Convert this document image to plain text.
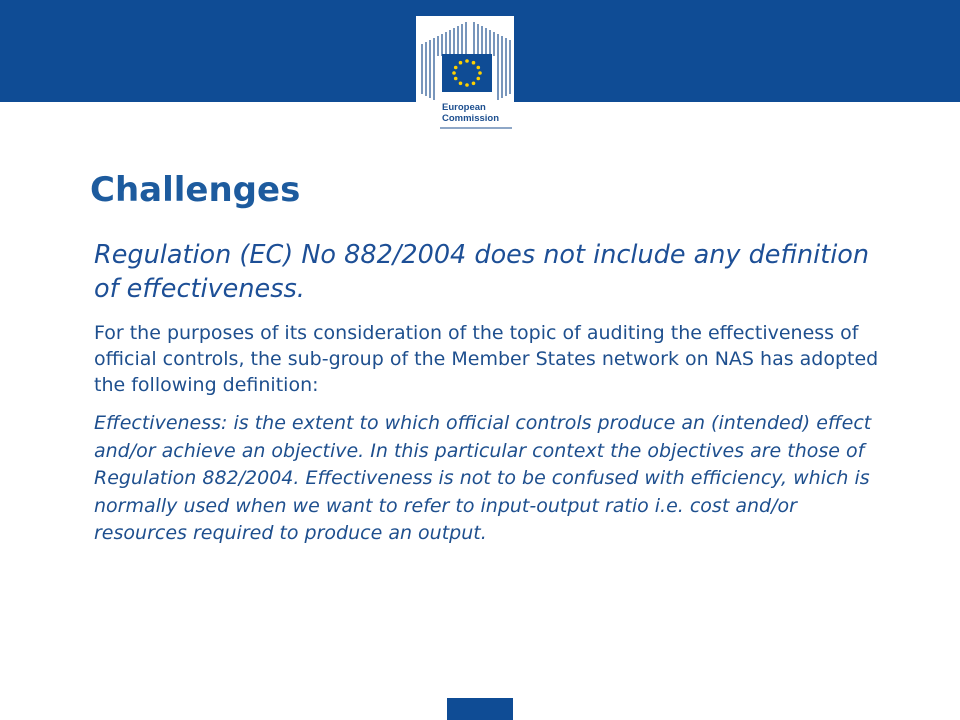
European
Commission
Challenges

Regulation (EC) No 882/2004 does not include any definition of effectiveness.

For the purposes of its consideration of the topic of auditing the effectiveness of official controls, the sub-group of the Member States network on NAS has adopted the following definition:

Effectiveness: is the extent to which official controls produce an (intended) effect and/or achieve an objective. In this particular context the objectives are those of Regulation 882/2004. Effectiveness is not to be confused with efficiency, which is normally used when we want to refer to input-output ratio i.e. cost and/or resources required to produce an output.
